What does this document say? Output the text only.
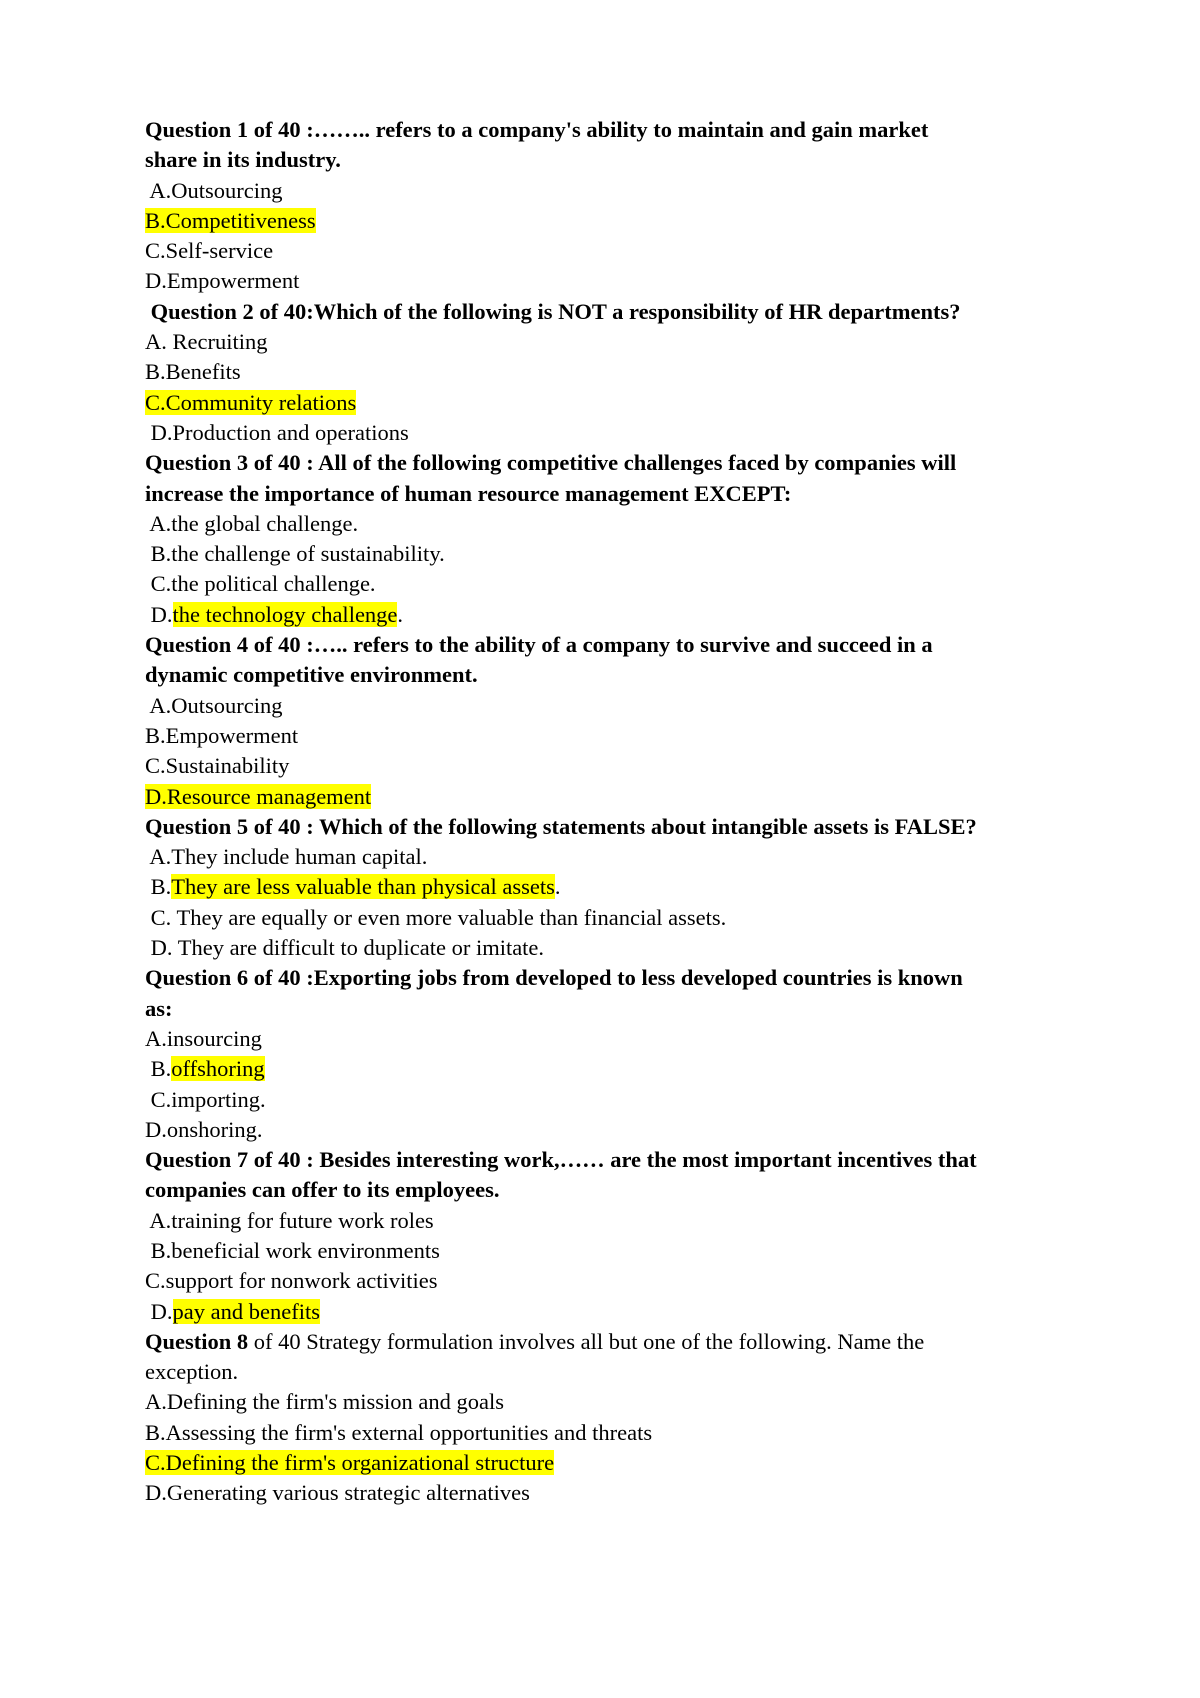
Question 1 of 40 :…….. refers to a company's ability to maintain and gain market
share in its industry.
A.Outsourcing
B.Competitiveness
C.Self-service
D.Empowerment
Question 2 of 40:Which of the following is NOT a responsibility of HR departments?
A. Recruiting
B.Benefits
C.Community relations
D.Production and operations
Question 3 of 40 : All of the following competitive challenges faced by companies will
increase the importance of human resource management EXCEPT:
A.the global challenge.
B.the challenge of sustainability.
C.the political challenge.
D.the technology challenge.
Question 4 of 40 :….. refers to the ability of a company to survive and succeed in a
dynamic competitive environment.
A.Outsourcing
B.Empowerment
C.Sustainability
D.Resource management
Question 5 of 40 : Which of the following statements about intangible assets is FALSE?
A.They include human capital.
B.They are less valuable than physical assets.
C. They are equally or even more valuable than financial assets.
D. They are difficult to duplicate or imitate.
Question 6 of 40 :Exporting jobs from developed to less developed countries is known
as:
A.insourcing
B.offshoring
C.importing.
D.onshoring.
Question 7 of 40 : Besides interesting work,…… are the most important incentives that
companies can offer to its employees.
A.training for future work roles
B.beneficial work environments
C.support for nonwork activities
D.pay and benefits
Question 8 of 40 Strategy formulation involves all but one of the following. Name the
exception.
A.Defining the firm's mission and goals
B.Assessing the firm's external opportunities and threats
C.Defining the firm's organizational structure
D.Generating various strategic alternatives
